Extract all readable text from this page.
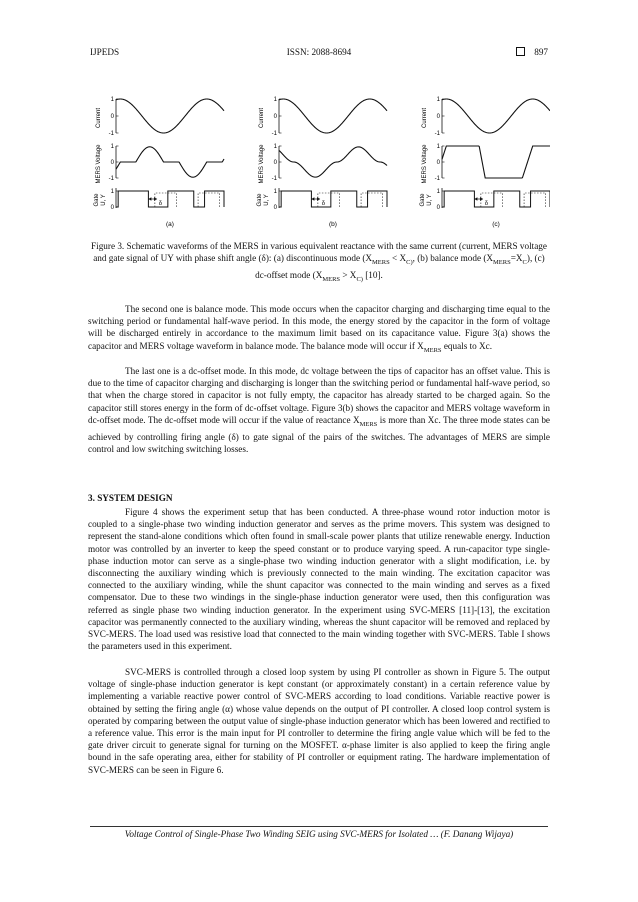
IJPEDS	ISSN: 2088-8694	897
Current
MERS Voltage
Gate U, Y
1
0
-1
1
0
-1
1
0
δ
(a)
Current
MERS Voltage
Gate U, Y
1
0
-1
1
0
-1
1
0
δ
(b)
Current
MERS Voltage
Gate U, Y
1
0
-1
1
0
-1
1
0
δ
(c)
Figure 3. Schematic waveforms of the MERS in various equivalent reactance with the same current (current, MERS voltage and gate signal of UY with phase shift angle (δ): (a) discontinuous mode ($X_{MERS} < X_{C)}$, (b) balance mode $(X_{MERS}=X_C)$, (c) dc-offset mode ($X_{MERS} > X_{C)}$ [10].

The second one is balance mode. This mode occurs when the capacitor charging and discharging time equal to the switching period or fundamental half-wave period. In this mode, the energy stored by the capacitor in the form of voltage will be discharged entirely in accordance to the maximum limit based on its capacitance value. Figure 3(a) shows the capacitor and MERS voltage waveform in balance mode. The balance mode will occur if $X_{MERS}$ equals to Xc.

The last one is a dc-offset mode. In this mode, dc voltage between the tips of capacitor has an offset value. This is due to the time of capacitor charging and discharging is longer than the switching period or fundamental half-wave period, so that when the charge stored in capacitor is not fully empty, the capacitor has already started to be charged again. So the capacitor still stores energy in the form of dc-offset voltage. Figure 3(b) shows the capacitor and MERS voltage waveform in dc-offset mode. The dc-offset mode will occur if the value of reactance $X_{MERS}$ is more than Xc. The three mode states can be achieved by controlling firing angle (δ) to gate signal of the pairs of the switches. The advantages of MERS are simple control and low switching switching losses.

3. SYSTEM DESIGN

Figure 4 shows the experiment setup that has been conducted. A three-phase wound rotor induction motor is coupled to a single-phase two winding induction generator and serves as the prime movers. This system was designed to represent the stand-alone conditions which often found in small-scale power plants that utilize renewable energy. Induction motor was controlled by an inverter to keep the speed constant or to produce varying speed. A run-capacitor type single-phase induction motor can serve as a single-phase two winding induction generator with a slight modification, i.e. by disconnecting the auxiliary winding which is previously connected to the main winding. The excitation capacitor was connected to the auxiliary winding, while the shunt capacitor was connected to the main winding and serves as a fixed compensator. Due to these two windings in the single-phase induction generator were used, then this configuration was referred as single phase two winding induction generator. In the experiment using SVC-MERS [11]-[13], the excitation capacitor was permanently connected to the auxiliary winding, whereas the shunt capacitor will be removed and replaced by SVC-MERS. The load used was resistive load that connected to the main winding together with SVC-MERS. Table I shows the parameters used in this experiment.

SVC-MERS is controlled through a closed loop system by using PI controller as shown in Figure 5. The output voltage of single-phase induction generator is kept constant (or approximately constant) in a certain reference value by implementing a variable reactive power control of SVC-MERS according to load conditions. Variable reactive power is obtained by setting the firing angle (α) whose value depends on the output of PI controller. A closed loop control system is operated by comparing between the output value of single-phase induction generator which has been lowered and rectified to a reference value. This error is the main input for PI controller to determine the firing angle value which will be fed to the gate driver circuit to generate signal for turning on the MOSFET. α-phase limiter is also applied to keep the firing angle bound in the safe operating area, either for stability of PI controller or equipment rating. The hardware implementation of SVC-MERS can be seen in Figure 6.

Voltage Control of Single-Phase Two Winding SEIG using SVC-MERS for Isolated … (F. Danang Wijaya)
